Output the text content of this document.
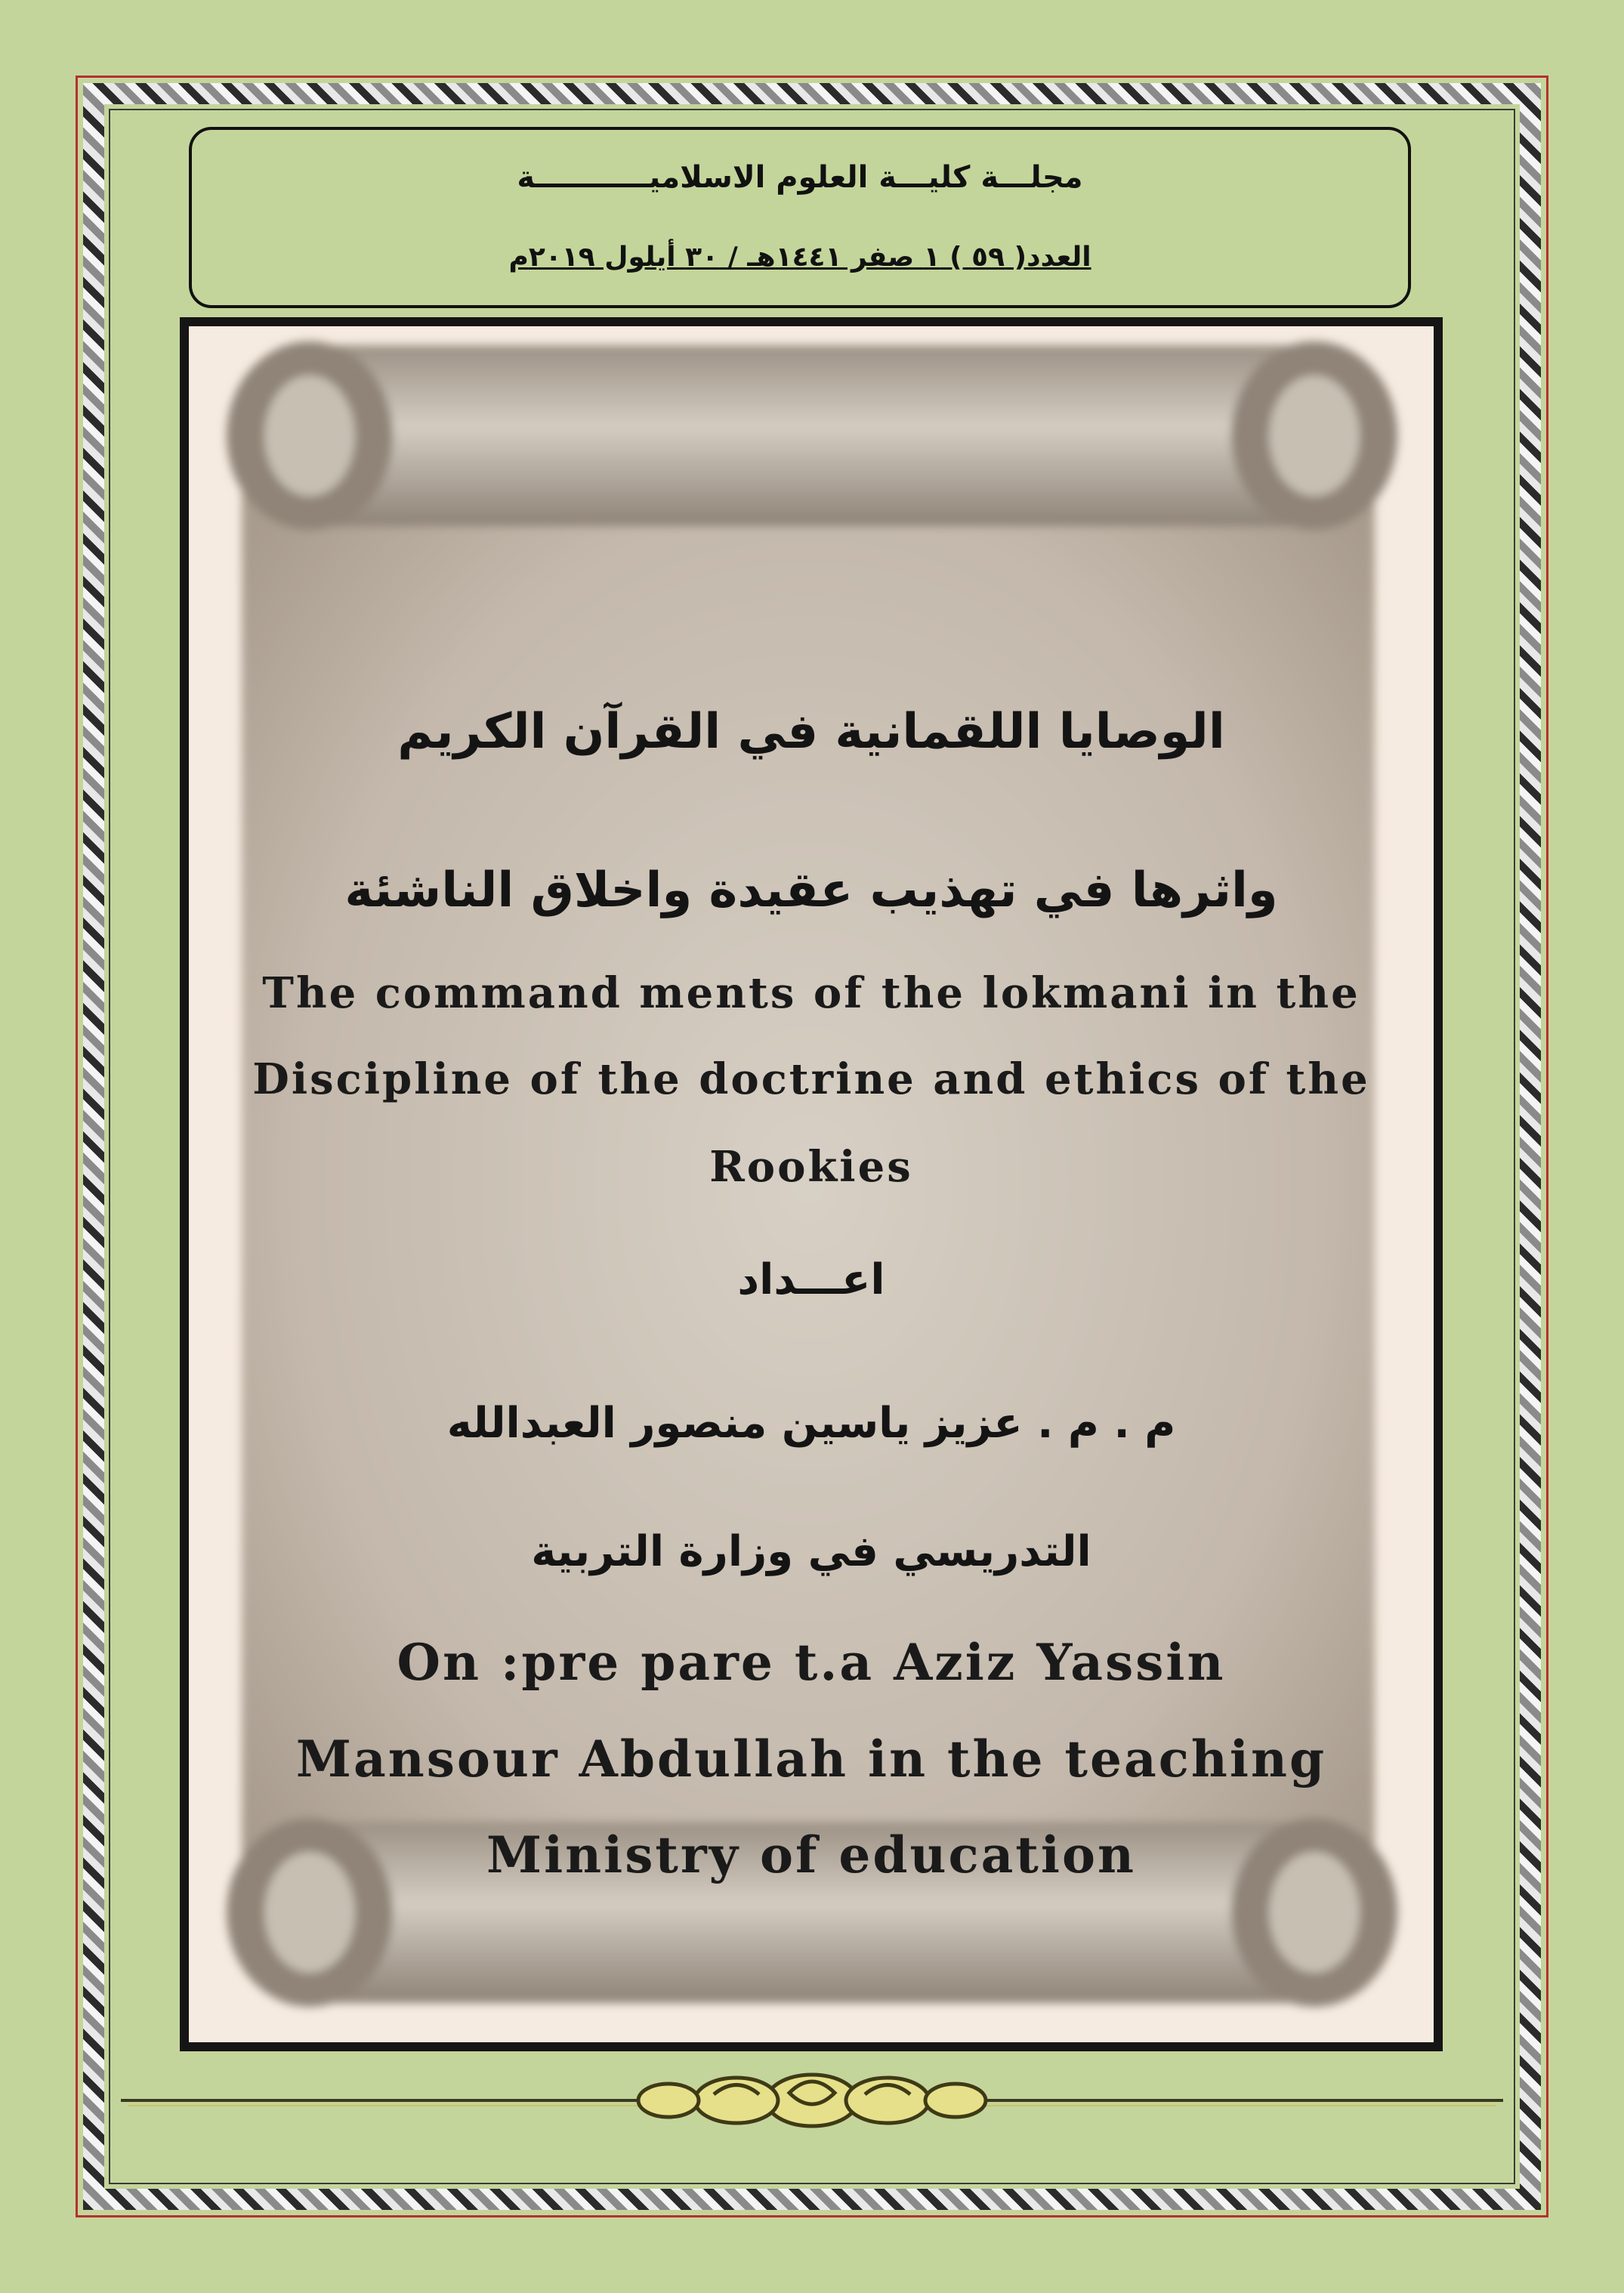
مجلـــة كليـــة العلوم الاسلاميـــــــــــة
العدد( ٥٩ ) ١ صفر ١٤٤١هـ / ٣٠ أيلول ٢٠١٩م
الوصايا اللقمانية في القرآن الكريم
واثرها في تهذيب عقيدة واخلاق الناشئة
The command ments of the lokmani in the
Discipline of the doctrine and ethics of the
Rookies
اعـــداد
م . م . عزيز ياسين منصور العبدالله
التدريسي في وزارة التربية
On :pre pare t.a Aziz Yassin
Mansour Abdullah in the teaching
Ministry of education
